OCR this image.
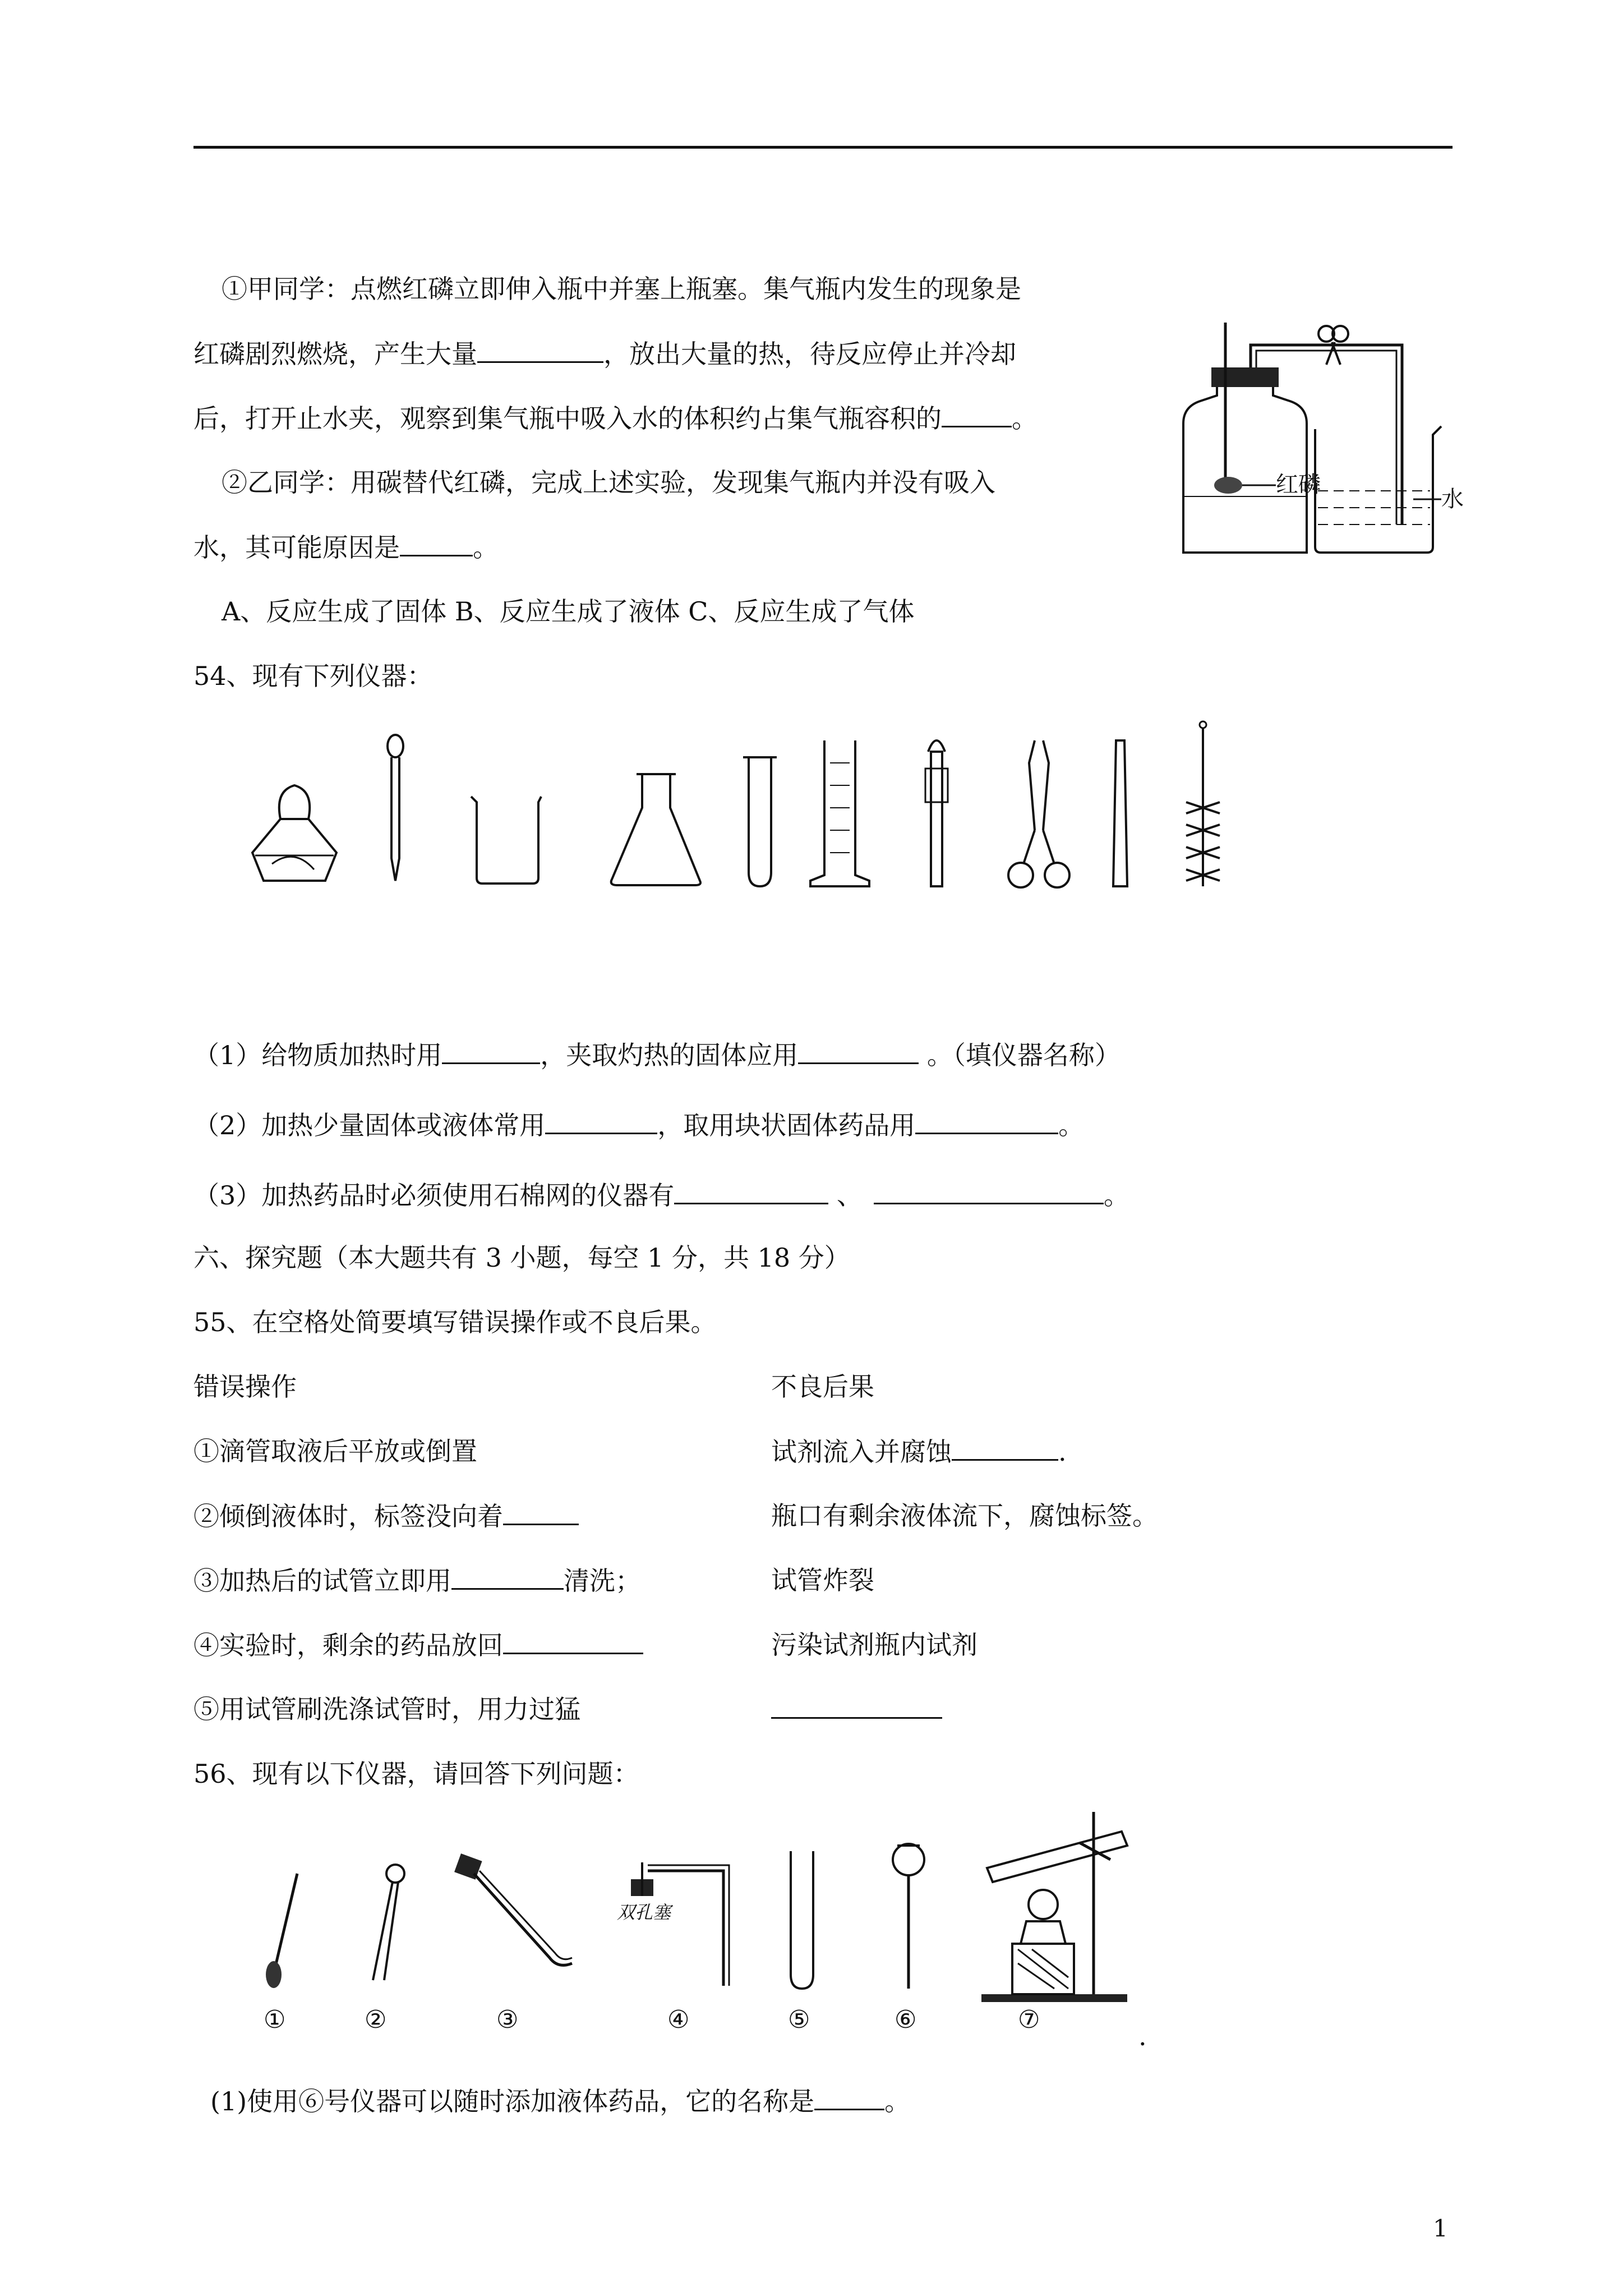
①甲同学：点燃红磷立即伸入瓶中并塞上瓶塞。集气瓶内发生的现象是
红磷剧烈燃烧，产生大量	，放出大量的热，待反应停止并冷却
后，打开止水夹，观察到集气瓶中吸入水的体积约占集气瓶容积的	。
②乙同学：用碳替代红磷，完成上述实验，发现集气瓶内并没有吸入
水，其可能原因是	。
A、反应生成了固体 B、反应生成了液体 C、反应生成了气体
红磷
水
54、现有下列仪器：
（1）给物质加热时用	，夹取灼热的固体应用	。（填仪器名称）
（2）加热少量固体或液体常用	，取用块状固体药品用	。
（3）加热药品时必须使用石棉网的仪器有	、	。
六、探究题（本大题共有 3 小题，每空 1 分，共 18 分）
55、在空格处简要填写错误操作或不良后果。
错误操作	不良后果
①滴管取液后平放或倒置	试剂流入并腐蚀	.
②倾倒液体时，标签没向着	瓶口有剩余液体流下，腐蚀标签。
③加热后的试管立即用	清洗；	试管炸裂
④实验时，剩余的药品放回	污染试剂瓶内试剂
⑤用试管刷洗涤试管时，用力过猛
56、现有以下仪器，请回答下列问题：
双孔塞
①	②	③	④	⑤	⑥	⑦
.
(1)使用⑥号仪器可以随时添加液体药品，它的名称是	。
1
